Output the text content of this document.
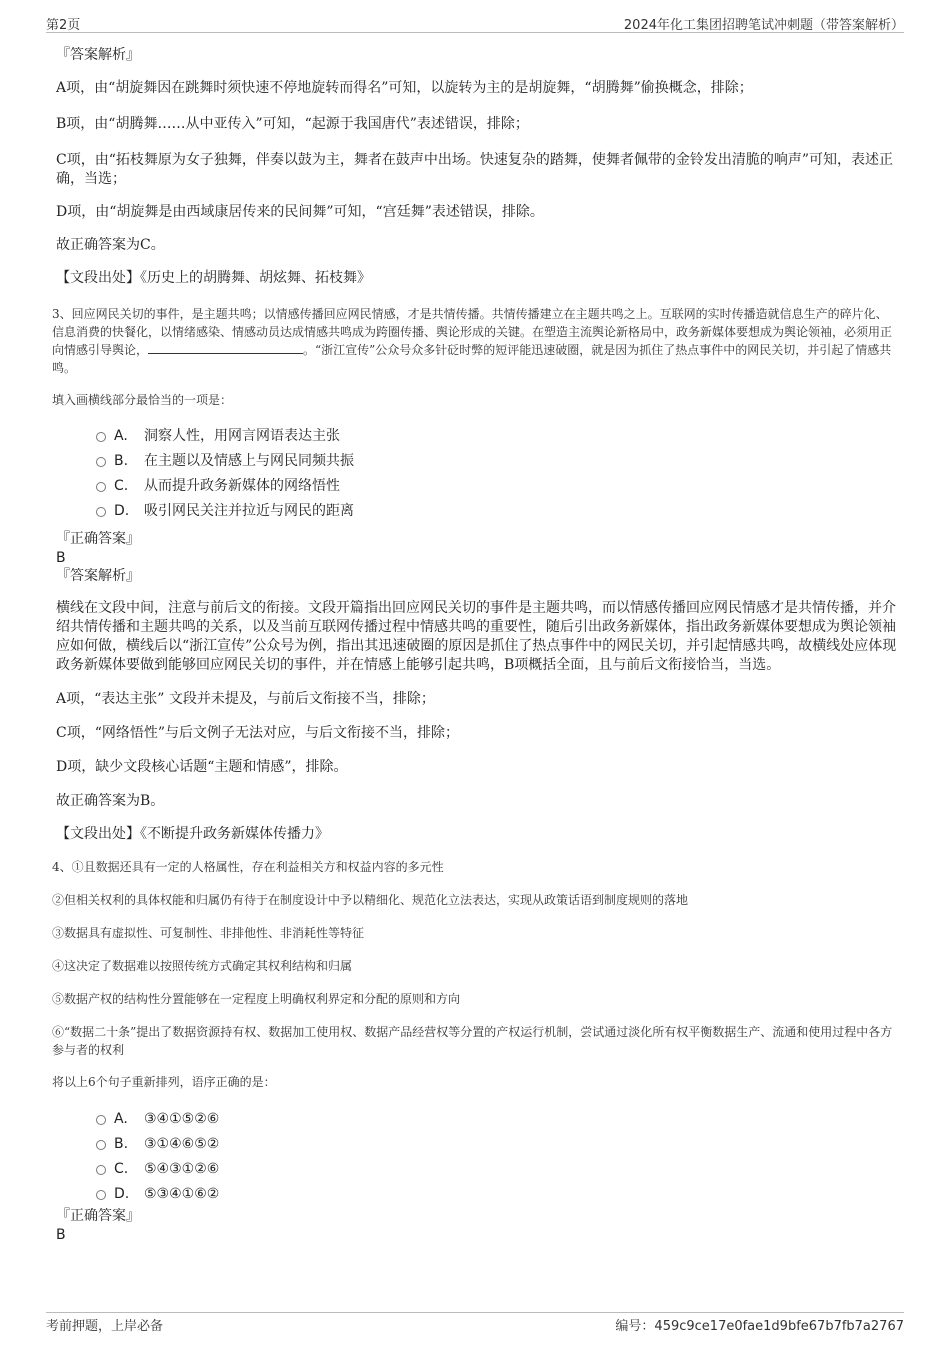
第2页	2024年化工集团招聘笔试冲刺题（带答案解析）

『答案解析』

A项，由“胡旋舞因在跳舞时须快速不停地旋转而得名”可知，以旋转为主的是胡旋舞，“胡腾舞”偷换概念，排除；

B项，由“胡腾舞……从中亚传入”可知，“起源于我国唐代”表述错误，排除；

C项，由“拓枝舞原为女子独舞，伴奏以鼓为主，舞者在鼓声中出场。快速复杂的踏舞，使舞者佩带的金铃发出清脆的响声”可知，表述正确，当选；

D项，由“胡旋舞是由西域康居传来的民间舞”可知，“宫廷舞”表述错误，排除。

故正确答案为C。

【文段出处】《历史上的胡腾舞、胡炫舞、拓枝舞》

3、回应网民关切的事件，是主题共鸣；以情感传播回应网民情感，才是共情传播。共情传播建立在主题共鸣之上。互联网的实时传播造就信息生产的碎片化、信息消费的快餐化，以情绪感染、情感动员达成情感共鸣成为跨圈传播、舆论形成的关键。在塑造主流舆论新格局中，政务新媒体要想成为舆论领袖，必须用正向情感引导舆论，	。“浙江宣传”公众号众多针砭时弊的短评能迅速破圈，就是因为抓住了热点事件中的网民关切，并引起了情感共鸣。

填入画横线部分最恰当的一项是：

A. 洞察人性，用网言网语表达主张
B. 在主题以及情感上与网民同频共振
C. 从而提升政务新媒体的网络悟性
D. 吸引网民关注并拉近与网民的距离

『正确答案』

B

『答案解析』

横线在文段中间，注意与前后文的衔接。文段开篇指出回应网民关切的事件是主题共鸣，而以情感传播回应网民情感才是共情传播，并介绍共情传播和主题共鸣的关系，以及当前互联网传播过程中情感共鸣的重要性，随后引出政务新媒体，指出政务新媒体要想成为舆论领袖应如何做，横线后以“浙江宣传”公众号为例，指出其迅速破圈的原因是抓住了热点事件中的网民关切，并引起情感共鸣，故横线处应体现政务新媒体要做到能够回应网民关切的事件，并在情感上能够引起共鸣，B项概括全面，且与前后文衔接恰当，当选。

A项，“表达主张” 文段并未提及，与前后文衔接不当，排除；

C项，“网络悟性”与后文例子无法对应，与后文衔接不当，排除；

D项，缺少文段核心话题“主题和情感”，排除。

故正确答案为B。

【文段出处】《不断提升政务新媒体传播力》

4、①且数据还具有一定的人格属性，存在利益相关方和权益内容的多元性

②但相关权利的具体权能和归属仍有待于在制度设计中予以精细化、规范化立法表达，实现从政策话语到制度规则的落地

③数据具有虚拟性、可复制性、非排他性、非消耗性等特征

④这决定了数据难以按照传统方式确定其权利结构和归属

⑤数据产权的结构性分置能够在一定程度上明确权利界定和分配的原则和方向

⑥“数据二十条”提出了数据资源持有权、数据加工使用权、数据产品经营权等分置的产权运行机制，尝试通过淡化所有权平衡数据生产、流通和使用过程中各方参与者的权利

将以上6个句子重新排列，语序正确的是：

A. ③④①⑤②⑥
B. ③①④⑥⑤②
C. ⑤④③①②⑥
D. ⑤③④①⑥②

『正确答案』

B

考前押题，上岸必备	编号：459c9ce17e0fae1d9bfe67b7fb7a2767
